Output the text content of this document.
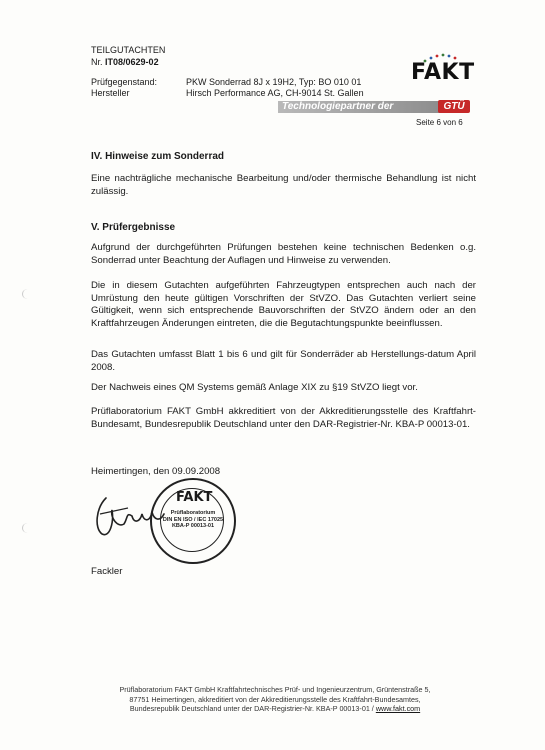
TEILGUTACHTEN
Nr. IT08/0629-02
Prüfgegenstand:	PKW Sonderrad 8J x 19H2, Typ: BO 010 01
Hersteller	Hirsch Performance AG, CH-9014 St. Gallen
FAKT
Technologiepartner der	GTÜ
Seite 6 von 6
IV. Hinweise zum Sonderrad
Eine nachträgliche mechanische Bearbeitung und/oder thermische Behandlung ist nicht zulässig.
V. Prüfergebnisse
Aufgrund der durchgeführten Prüfungen bestehen keine technischen Bedenken o.g. Sonderrad unter Beachtung der Auflagen und Hinweise zu verwenden.
Die in diesem Gutachten aufgeführten Fahrzeugtypen entsprechen auch nach der Umrüstung den heute gültigen Vorschriften der StVZO. Das Gutachten verliert seine Gültigkeit, wenn sich entsprechende Bauvorschriften der StVZO ändern oder an den Kraftfahrzeugen Änderungen eintreten, die die Begutachtungspunkte beeinflussen.
Das Gutachten umfasst Blatt 1 bis 6 und gilt für Sonderräder ab Herstellungs-datum April 2008.
Der Nachweis eines QM Systems gemäß Anlage XIX zu §19 StVZO liegt vor.
Prüflaboratorium FAKT GmbH akkreditiert von der Akkreditierungsstelle des Kraftfahrt-Bundesamt, Bundesrepublik Deutschland unter den DAR-Registrier-Nr. KBA-P 00013-01.
Heimertingen, den 09.09.2008
FAKT
Prüflaboratorium
DIN EN ISO / IEC 17025
KBA-P 00013-01
Fackler
Prüflaboratorium FAKT GmbH Kraftfahrtechnisches Prüf- und Ingenieurzentrum, Grüntenstraße 5,
87751 Heimertingen, akkreditiert von der Akkreditierungsstelle des Kraftfahrt-Bundesamtes,
Bundesrepublik Deutschland unter der DAR-Registrier-Nr. KBA-P 00013-01 / www.fakt.com
